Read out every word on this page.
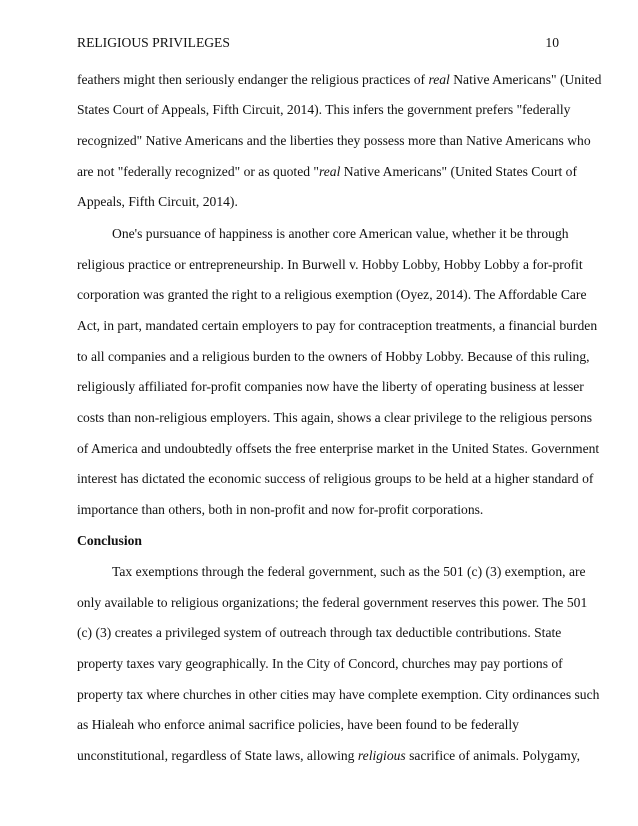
RELIGIOUS PRIVILEGES	10
feathers might then seriously endanger the religious practices of real Native Americans" (United
States Court of Appeals, Fifth Circuit, 2014). This infers the government prefers "federally
recognized" Native Americans and the liberties they possess more than Native Americans who
are not "federally recognized" or as quoted "real Native Americans" (United States Court of
Appeals, Fifth Circuit, 2014).
One's pursuance of happiness is another core American value, whether it be through
religious practice or entrepreneurship. In Burwell v. Hobby Lobby, Hobby Lobby a for-profit
corporation was granted the right to a religious exemption (Oyez, 2014). The Affordable Care
Act, in part, mandated certain employers to pay for contraception treatments, a financial burden
to all companies and a religious burden to the owners of Hobby Lobby. Because of this ruling,
religiously affiliated for-profit companies now have the liberty of operating business at lesser
costs than non-religious employers. This again, shows a clear privilege to the religious persons
of America and undoubtedly offsets the free enterprise market in the United States. Government
interest has dictated the economic success of religious groups to be held at a higher standard of
importance than others, both in non-profit and now for-profit corporations.
Conclusion
Tax exemptions through the federal government, such as the 501 (c) (3) exemption, are
only available to religious organizations; the federal government reserves this power. The 501
(c) (3) creates a privileged system of outreach through tax deductible contributions. State
property taxes vary geographically. In the City of Concord, churches may pay portions of
property tax where churches in other cities may have complete exemption. City ordinances such
as Hialeah who enforce animal sacrifice policies, have been found to be federally
unconstitutional, regardless of State laws, allowing religious sacrifice of animals. Polygamy,
